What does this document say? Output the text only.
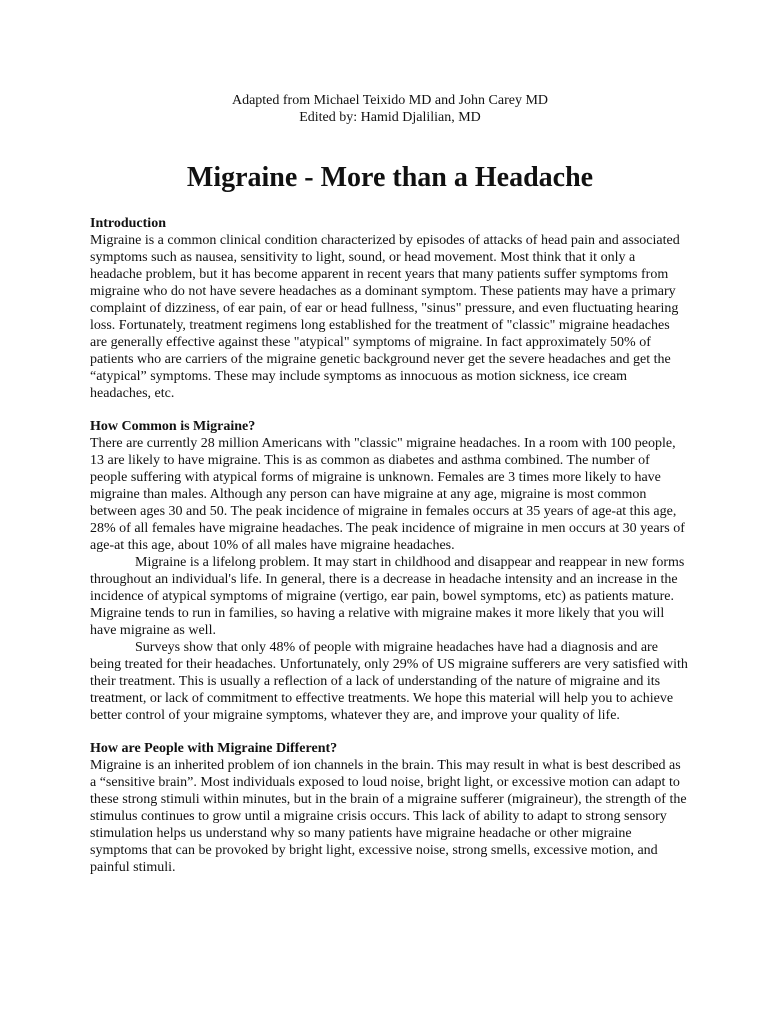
Adapted from Michael Teixido MD and John Carey MD

Edited by: Hamid Djalilian, MD

Migraine - More than a Headache
Introduction

Migraine is a common clinical condition characterized by episodes of attacks of head pain and associated symptoms such as nausea, sensitivity to light, sound, or head movement. Most think that it only a headache problem, but it has become apparent in recent years that many patients suffer symptoms from migraine who do not have severe headaches as a dominant symptom. These patients may have a primary complaint of dizziness, of ear pain, of ear or head fullness, "sinus" pressure, and even fluctuating hearing loss. Fortunately, treatment regimens long established for the treatment of "classic" migraine headaches are generally effective against these "atypical" symptoms of migraine. In fact approximately 50% of patients who are carriers of the migraine genetic background never get the severe headaches and get the “atypical” symptoms. These may include symptoms as innocuous as motion sickness, ice cream headaches, etc.

How Common is Migraine?

There are currently 28 million Americans with "classic" migraine headaches. In a room with 100 people, 13 are likely to have migraine. This is as common as diabetes and asthma combined. The number of people suffering with atypical forms of migraine is unknown. Females are 3 times more likely to have migraine than males. Although any person can have migraine at any age, migraine is most common between ages 30 and 50. The peak incidence of migraine in females occurs at 35 years of age-at this age, 28% of all females have migraine headaches. The peak incidence of migraine in men occurs at 30 years of age-at this age, about 10% of all males have migraine headaches.

Migraine is a lifelong problem. It may start in childhood and disappear and reappear in new forms throughout an individual's life. In general, there is a decrease in headache intensity and an increase in the incidence of atypical symptoms of migraine (vertigo, ear pain, bowel symptoms, etc) as patients mature. Migraine tends to run in families, so having a relative with migraine makes it more likely that you will have migraine as well.

Surveys show that only 48% of people with migraine headaches have had a diagnosis and are being treated for their headaches. Unfortunately, only 29% of US migraine sufferers are very satisfied with their treatment. This is usually a reflection of a lack of understanding of the nature of migraine and its treatment, or lack of commitment to effective treatments. We hope this material will help you to achieve better control of your migraine symptoms, whatever they are, and improve your quality of life.

How are People with Migraine Different?

Migraine is an inherited problem of ion channels in the brain. This may result in what is best described as a “sensitive brain”. Most individuals exposed to loud noise, bright light, or excessive motion can adapt to these strong stimuli within minutes, but in the brain of a migraine sufferer (migraineur), the strength of the stimulus continues to grow until a migraine crisis occurs. This lack of ability to adapt to strong sensory stimulation helps us understand why so many patients have migraine headache or other migraine symptoms that can be provoked by bright light, excessive noise, strong smells, excessive motion, and painful stimuli.
